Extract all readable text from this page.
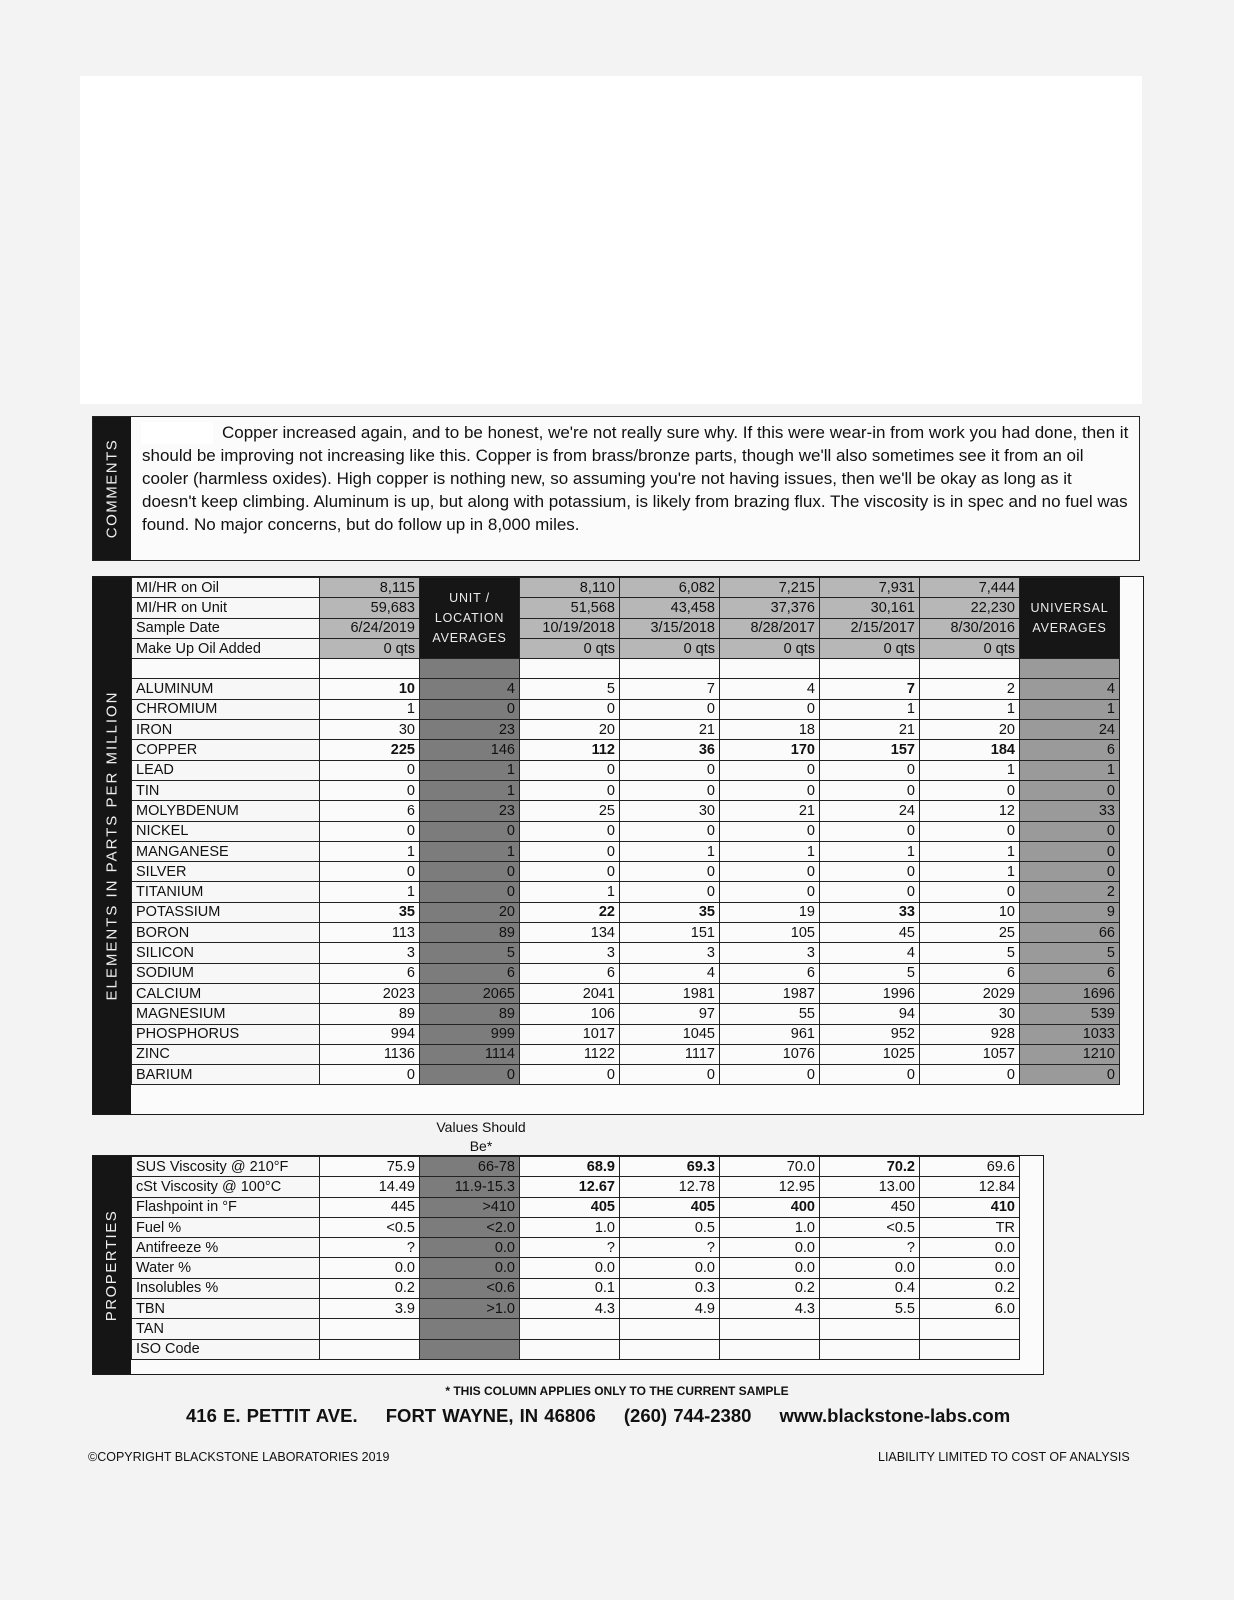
COMMENTS

Copper increased again, and to be honest, we're not really sure why. If this were wear-in from work you had done, then it should be improving not increasing like this. Copper is from brass/bronze parts, though we'll also sometimes see it from an oil cooler (harmless oxides). High copper is nothing new, so assuming you're not having issues, then we'll be okay as long as it doesn't keep climbing. Aluminum is up, but along with potassium, is likely from brazing flux. The viscosity is in spec and no fuel was found. No major concerns, but do follow up in 8,000 miles.

ELEMENTS IN PARTS PER MILLION
MI/HR on Oil	8,115	UNIT / LOCATION AVERAGES	8,110	6,082	7,215	7,931	7,444	UNIVERSAL AVERAGES
MI/HR on Unit	59,683		51,568	43,458	37,376	30,161	22,230	
Sample Date	6/24/2019		10/19/2018	3/15/2018	8/28/2017	2/15/2017	8/30/2016	
Make Up Oil Added	0 qts		0 qts	0 qts	0 qts	0 qts	0 qts	

ALUMINUM	10	4	5	7	4	7	2	4
CHROMIUM	1	0	0	0	0	1	1	1
IRON	30	23	20	21	18	21	20	24
COPPER	225	146	112	36	170	157	184	6
LEAD	0	1	0	0	0	0	1	1
TIN	0	1	0	0	0	0	0	0
MOLYBDENUM	6	23	25	30	21	24	12	33
NICKEL	0	0	0	0	0	0	0	0
MANGANESE	1	1	0	1	1	1	1	0
SILVER	0	0	0	0	0	0	1	0
TITANIUM	1	0	1	0	0	0	0	2
POTASSIUM	35	20	22	35	19	33	10	9
BORON	113	89	134	151	105	45	25	66
SILICON	3	5	3	3	3	4	5	5
SODIUM	6	6	6	4	6	5	6	6
CALCIUM	2023	2065	2041	1981	1987	1996	2029	1696
MAGNESIUM	89	89	106	97	55	94	30	539
PHOSPHORUS	994	999	1017	1045	961	952	928	1033
ZINC	1136	1114	1122	1117	1076	1025	1057	1210
BARIUM	0	0	0	0	0	0	0	0
Values Should Be*
PROPERTIES
SUS Viscosity @ 210°F	75.9	66-78	68.9	69.3	70.0	70.2	69.6
cSt Viscosity @ 100°C	14.49	11.9-15.3	12.67	12.78	12.95	13.00	12.84
Flashpoint in °F	445	>410	405	405	400	450	410
Fuel %	<0.5	<2.0	1.0	0.5	1.0	<0.5	TR
Antifreeze %	?	0.0	?	?	0.0	?	0.0
Water %	0.0	0.0	0.0	0.0	0.0	0.0	0.0
Insolubles %	0.2	<0.6	0.1	0.3	0.2	0.4	0.2
TBN	3.9	>1.0	4.3	4.9	4.3	5.5	6.0
TAN							
ISO Code							
* THIS COLUMN APPLIES ONLY TO THE CURRENT SAMPLE
416 E. PETTIT AVE. FORT WAYNE, IN 46806 (260) 744-2380 www.blackstone-labs.com
©COPYRIGHT BLACKSTONE LABORATORIES 2019	LIABILITY LIMITED TO COST OF ANALYSIS
